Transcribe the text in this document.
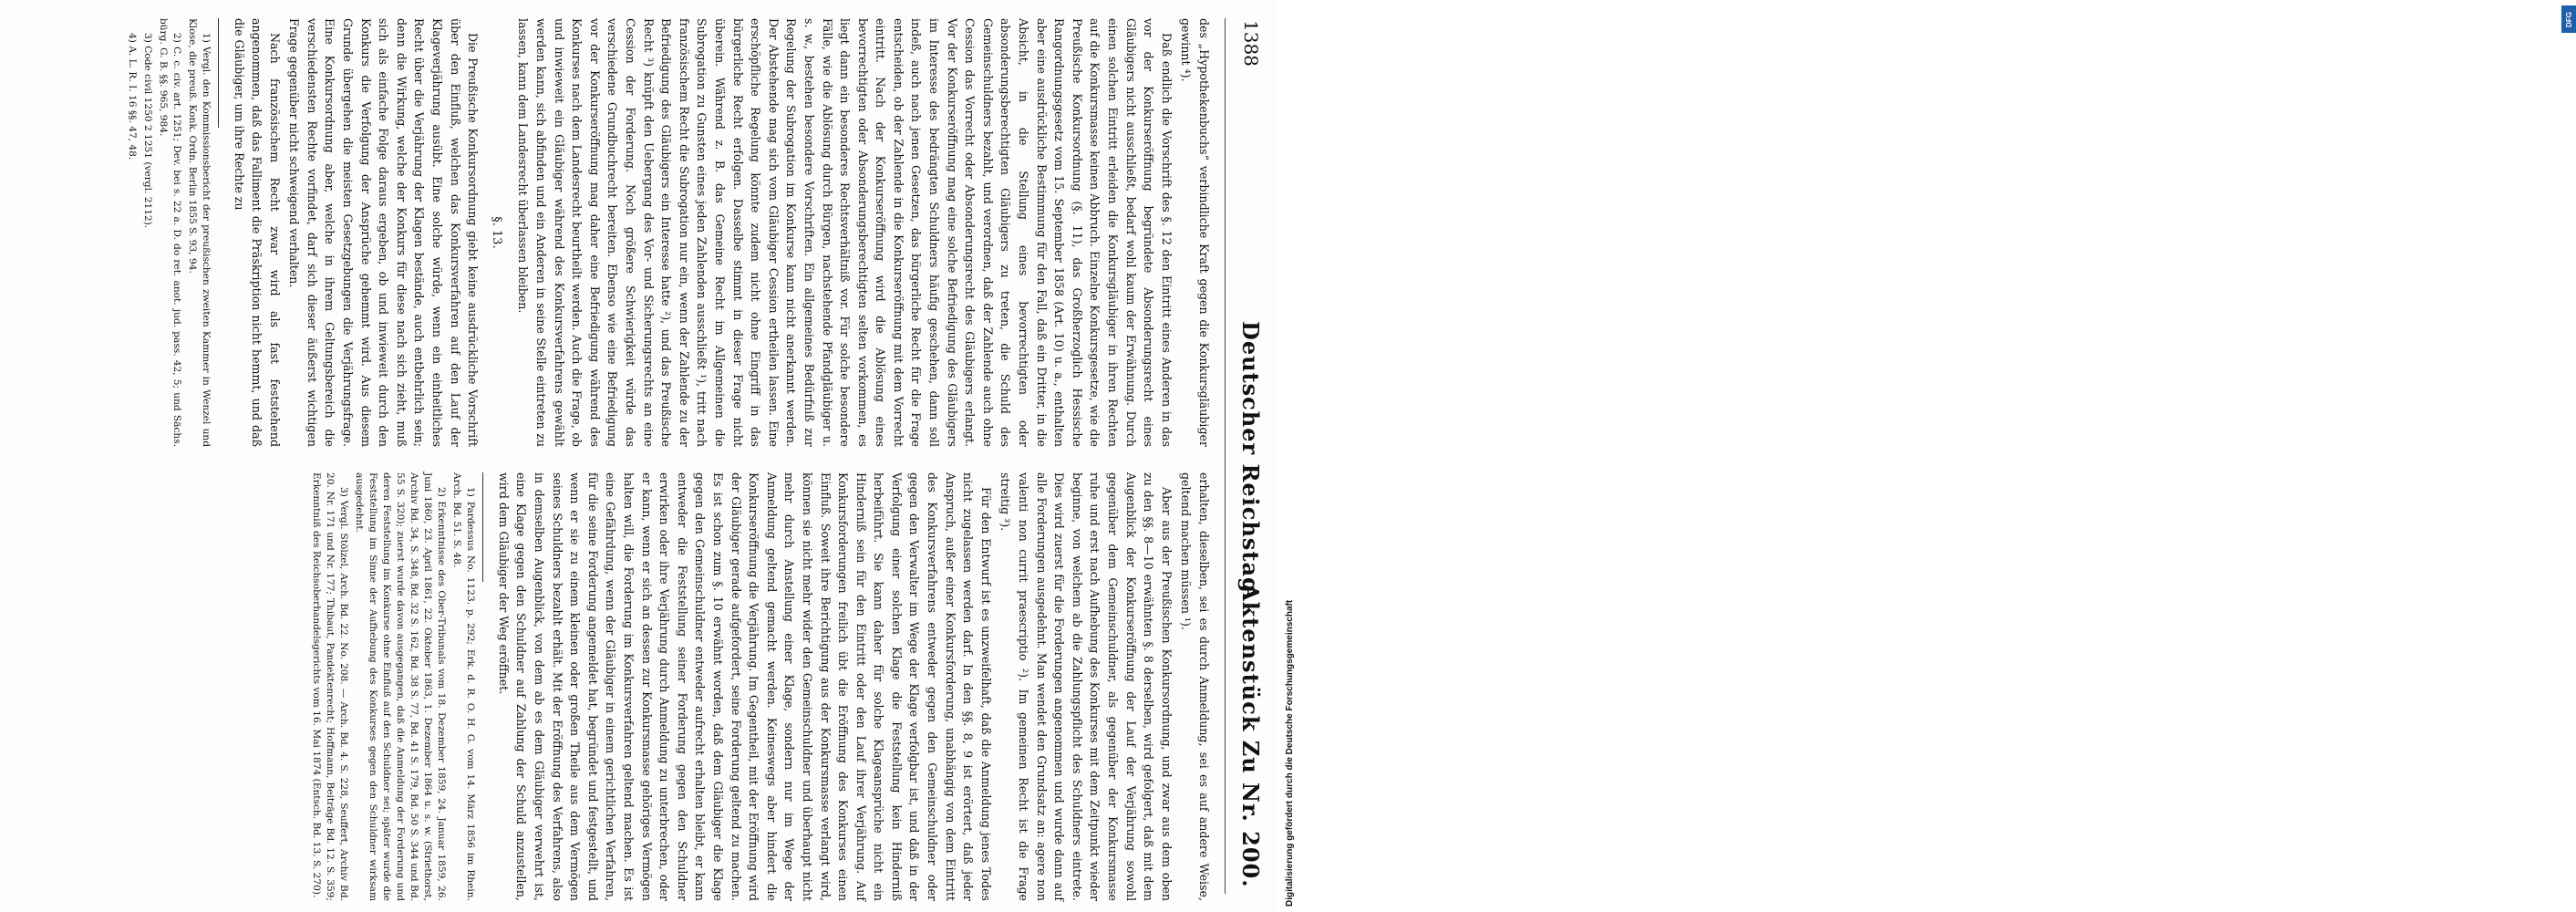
1388
Deutscher Reichstag.
Aktenstück Zu Nr. 200.

des „Hypothekenbuchs“ verbindliche Kraft gegen die Konkursgläubiger gewinnt ⁴).

Daß endlich die Vorschrift des §. 12 den Eintritt eines Anderen in das vor der Konkurseröffnung begründete Absonderungsrecht eines Gläubigers nicht ausschließt, bedarf wohl kaum der Erwähnung. Durch einen solchen Eintritt erleiden die Konkursgläubiger in ihren Rechten auf die Konkursmasse keinen Abbruch. Einzelne Konkursgesetze, wie die Preußische Konkursordnung (§. 11), das Großherzoglich Hessische Rangordnungsgesetz vom 15. September 1858 (Art. 10) u. a., enthalten aber eine ausdrückliche Bestimmung für den Fall, daß ein Dritter, in die Absicht, in die Stellung eines bevorrechtigten oder absonderungsberechtigten Gläubigers zu treten, die Schuld des Gemeinschuldners bezahlt, und verordnen, daß der Zahlende auch ohne Cession das Vorrecht oder Absonderungsrecht des Gläubigers erlangt. Vor der Konkurseröffnung mag eine solche Befriedigung des Gläubigers im Interesse des bedrängten Schuldners häufig geschehen, dann soll indeß, auch nach jenen Gesetzen, das bürgerliche Recht für die Frage entscheiden, ob der Zahlende in die Konkurseröffnung mit dem Vorrecht eintritt. Nach der Konkurseröffnung wird die Ablösung eines bevorrechtigten oder Absonderungsberechtigten selten vorkommen, es liegt dann ein besonderes Rechtsverhältniß vor. Für solche besondere Fälle, wie die Ablösung durch Bürgen, nachstehende Pfandgläubiger u. s. w., bestehen besondere Vorschriften. Ein allgemeines Bedürfniß zur Regelung der Subrogation im Konkurse kann nicht anerkannt werden. Der Abstehende mag sich vom Gläubiger Cession ertheilen lassen. Eine erschöpfliche Regelung könnte zudem nicht ohne Eingriff in das bürgerliche Recht erfolgen. Dasselbe stimmt in dieser Frage nicht überein. Während z. B. das Gemeine Recht im Allgemeinen die Subrogation zu Gunsten eines jeden Zahlenden ausschließt ¹), tritt nach französischem Recht die Subrogation nur ein, wenn der Zahlende zu der Befriedigung des Gläubigers ein Interesse hatte ²), und das Preußische Recht ³) knüpft den Uebergang des Vor- und Sicherungsrechts an eine Cession der Forderung. Noch größere Schwierigkeit würde das verschiedene Grundbuchrecht bereiten. Ebenso wie eine Befriedigung vor der Konkurseröffnung mag daher eine Befriedigung während des Konkurses nach dem Landesrecht beurtheilt werden. Auch die Frage, ob und inwieweit ein Gläubiger während des Konkursverfahrens gewählt werden kann, sich abfinden und ein Anderen in seine Stelle eintreten zu lassen, kann dem Landesrecht überlassen bleiben.

§. 13.

Die Preußische Konkursordnung giebt keine ausdrückliche Vorschrift über den Einfluß, welchen das Konkursverfahren auf den Lauf der Klageverjährung ausübt. Eine solche würde, wenn ein einheitliches Recht über die Verjährung der Klagen bestände, auch entbehrlich sein; denn die Wirkung, welche der Konkurs für diese nach sich zieht, muß sich als einfache Folge daraus ergeben, ob und inwieweit durch den Konkurs die Verfolgung der Ansprüche gehemmt wird. Aus diesem Grunde übergehen die meisten Gesetzgebungen die Verjährungsfrage. Eine Konkursordnung aber, welche in ihrem Geltungsbereich die verschiedensten Rechte vorfindet, darf sich dieser äußerst wichtigen Frage gegenüber nicht schweigend verhalten.

Nach französischem Recht zwar wird als fast feststehend angenommen, daß das Falliment die Präskription nicht hemmt, und daß die Gläubiger, um ihre Rechte zu

1) Vergl. den Kommissionsbericht der preußischen zweiten Kammer in Wenzel und Klose, die preuß. Konk. Ordn. Berlin 1855 S. 93, 94.

2) C. c. civ. art. 1251; Dev. bei s. 22 a. D. do ret. anot. jud. pass. 42, 5; und Sächs. bürg. G. B. §§. 965, 984.

3) Code civil 1250 2 1251 (vergl. 2112).

4) A. L. R. I. 16 §§. 47, 48.

erhalten, dieselben, sei es durch Anmeldung, sei es auf andere Weise, geltend machen müssen ¹).

Aber aus der Preußischen Konkursordnung, und zwar aus dem oben zu den §§. 8—10 erwähnten §. 8 derselben, wird gefolgert, daß mit dem Augenblick der Konkurseröffnung der Lauf der Verjährung sowohl gegenüber dem Gemeinschuldner, als gegenüber der Konkursmasse ruhe und erst nach Aufhebung des Konkurses mit dem Zeitpunkt wieder beginne, von welchem ab die Zahlungspflicht des Schuldners eintrete. Dies wird zuerst für die Forderungen angenommen und wurde dann auf alle Forderungen ausgedehnt. Man wendet den Grundsatz an: agere non valenti non currit praescriptio ²). Im gemeinen Recht ist die Frage streitig ³).

Für den Entwurf ist es unzweifelhaft, daß die Anmeldung jenes Todes nicht zugelassen werden darf. In den §§. 8, 9 ist erörtert, daß jeder Anspruch, außer einer Konkursforderung, unabhängig von dem Eintritt des Konkursverfahrens entweder gegen den Gemeinschuldner oder gegen den Verwalter im Wege der Klage verfolgbar ist, und daß in der Verfolgung einer solchen Klage die Feststellung kein Hinderniß herbeiführt. Sie kann daher für solche Klageansprüche nicht ein Hinderniß sein für den Eintritt oder den Lauf ihrer Verjährung. Auf Konkursforderungen freilich übt die Eröffnung des Konkurses einen Einfluß. Soweit ihre Berichtigung aus der Konkursmasse verlangt wird, können sie nicht mehr wider den Gemeinschuldner und überhaupt nicht mehr durch Anstellung einer Klage, sondern nur im Wege der Anmeldung geltend gemacht werden. Keineswegs aber hindert die Konkurseröffnung die Verjährung. Im Gegentheil, mit der Eröffnung wird der Gläubiger gerade aufgefordert, seine Forderung geltend zu machen. Es ist schon zum §. 10 erwähnt worden, daß dem Gläubiger die Klage gegen den Gemeinschuldner entweder aufrecht erhalten bleibt, er kann entweder die Feststellung seiner Forderung gegen den Schuldner erwirken oder ihre Verjährung durch Anmeldung zu unterbrechen, oder er kann, wenn er sich an dessen zur Konkursmasse gehöriges Vermögen halten will, die Forderung im Konkursverfahren geltend machen. Es ist eine Gefährdung, wenn der Gläubiger in einem gerichtlichen Verfahren, für die seine Forderung angemeldet hat, begründet und festgestellt, und wenn er sie zu einem kleinen oder großen Theile aus dem Vermögen seines Schuldners bezahlt erhält. Mit der Eröffnung des Verfahrens, also in demselben Augenblick, von dem ab es dem Gläubiger verwehrt ist, eine Klage gegen den Schuldner auf Zahlung der Schuld anzustellen, wird dem Gläubiger der Weg eröffnet.

1) Pardessus No. 1123. p. 292; Erk. d. R. O. H. G. vom 14. März 1856 im Rhein. Arch. Bd. 51. S. 48.

2) Erkenntnisse des Ober-Tribunals vom 18. Dezember 1859, 24. Januar 1859, 26. Juni 1860, 23. April 1861, 22. Oktober 1863, 1. Dezember 1864 u. s. w. (Striethorst, Archiv Bd. 34, S. 348, Bd. 32 S. 162, Bd. 38 S. 77, Bd. 41 S. 179, Bd. 50 S. 344 und Bd. 55 S. 320); zuerst wurde davon ausgegangen, daß die Anmeldung der Forderung und deren Feststellung im Konkurse ohne Einfluß auf den Schuldner sei; später wurde die Feststellung im Sinne der Aufhebung des Konkurses gegen den Schuldner wirksam ausgedehnt.

3) Vergl. Stölzel, Arch. Bd. 22. No. 208. — Arch. Bd. 4. S. 228, Seuffert, Archiv Bd. 20. Nr. 171 und Nr. 177; Thibaut, Pandektenrecht; Hoffmann, Beiträge Bd. 12. S. 359; Erkenntniß des Reichsoberhandelsgerichts vom 16. Mai 1874 (Entsch. Bd. 13. S. 270).

DFG
Digitalisierung gefördert durch die Deutsche Forschungsgemeinschaft
